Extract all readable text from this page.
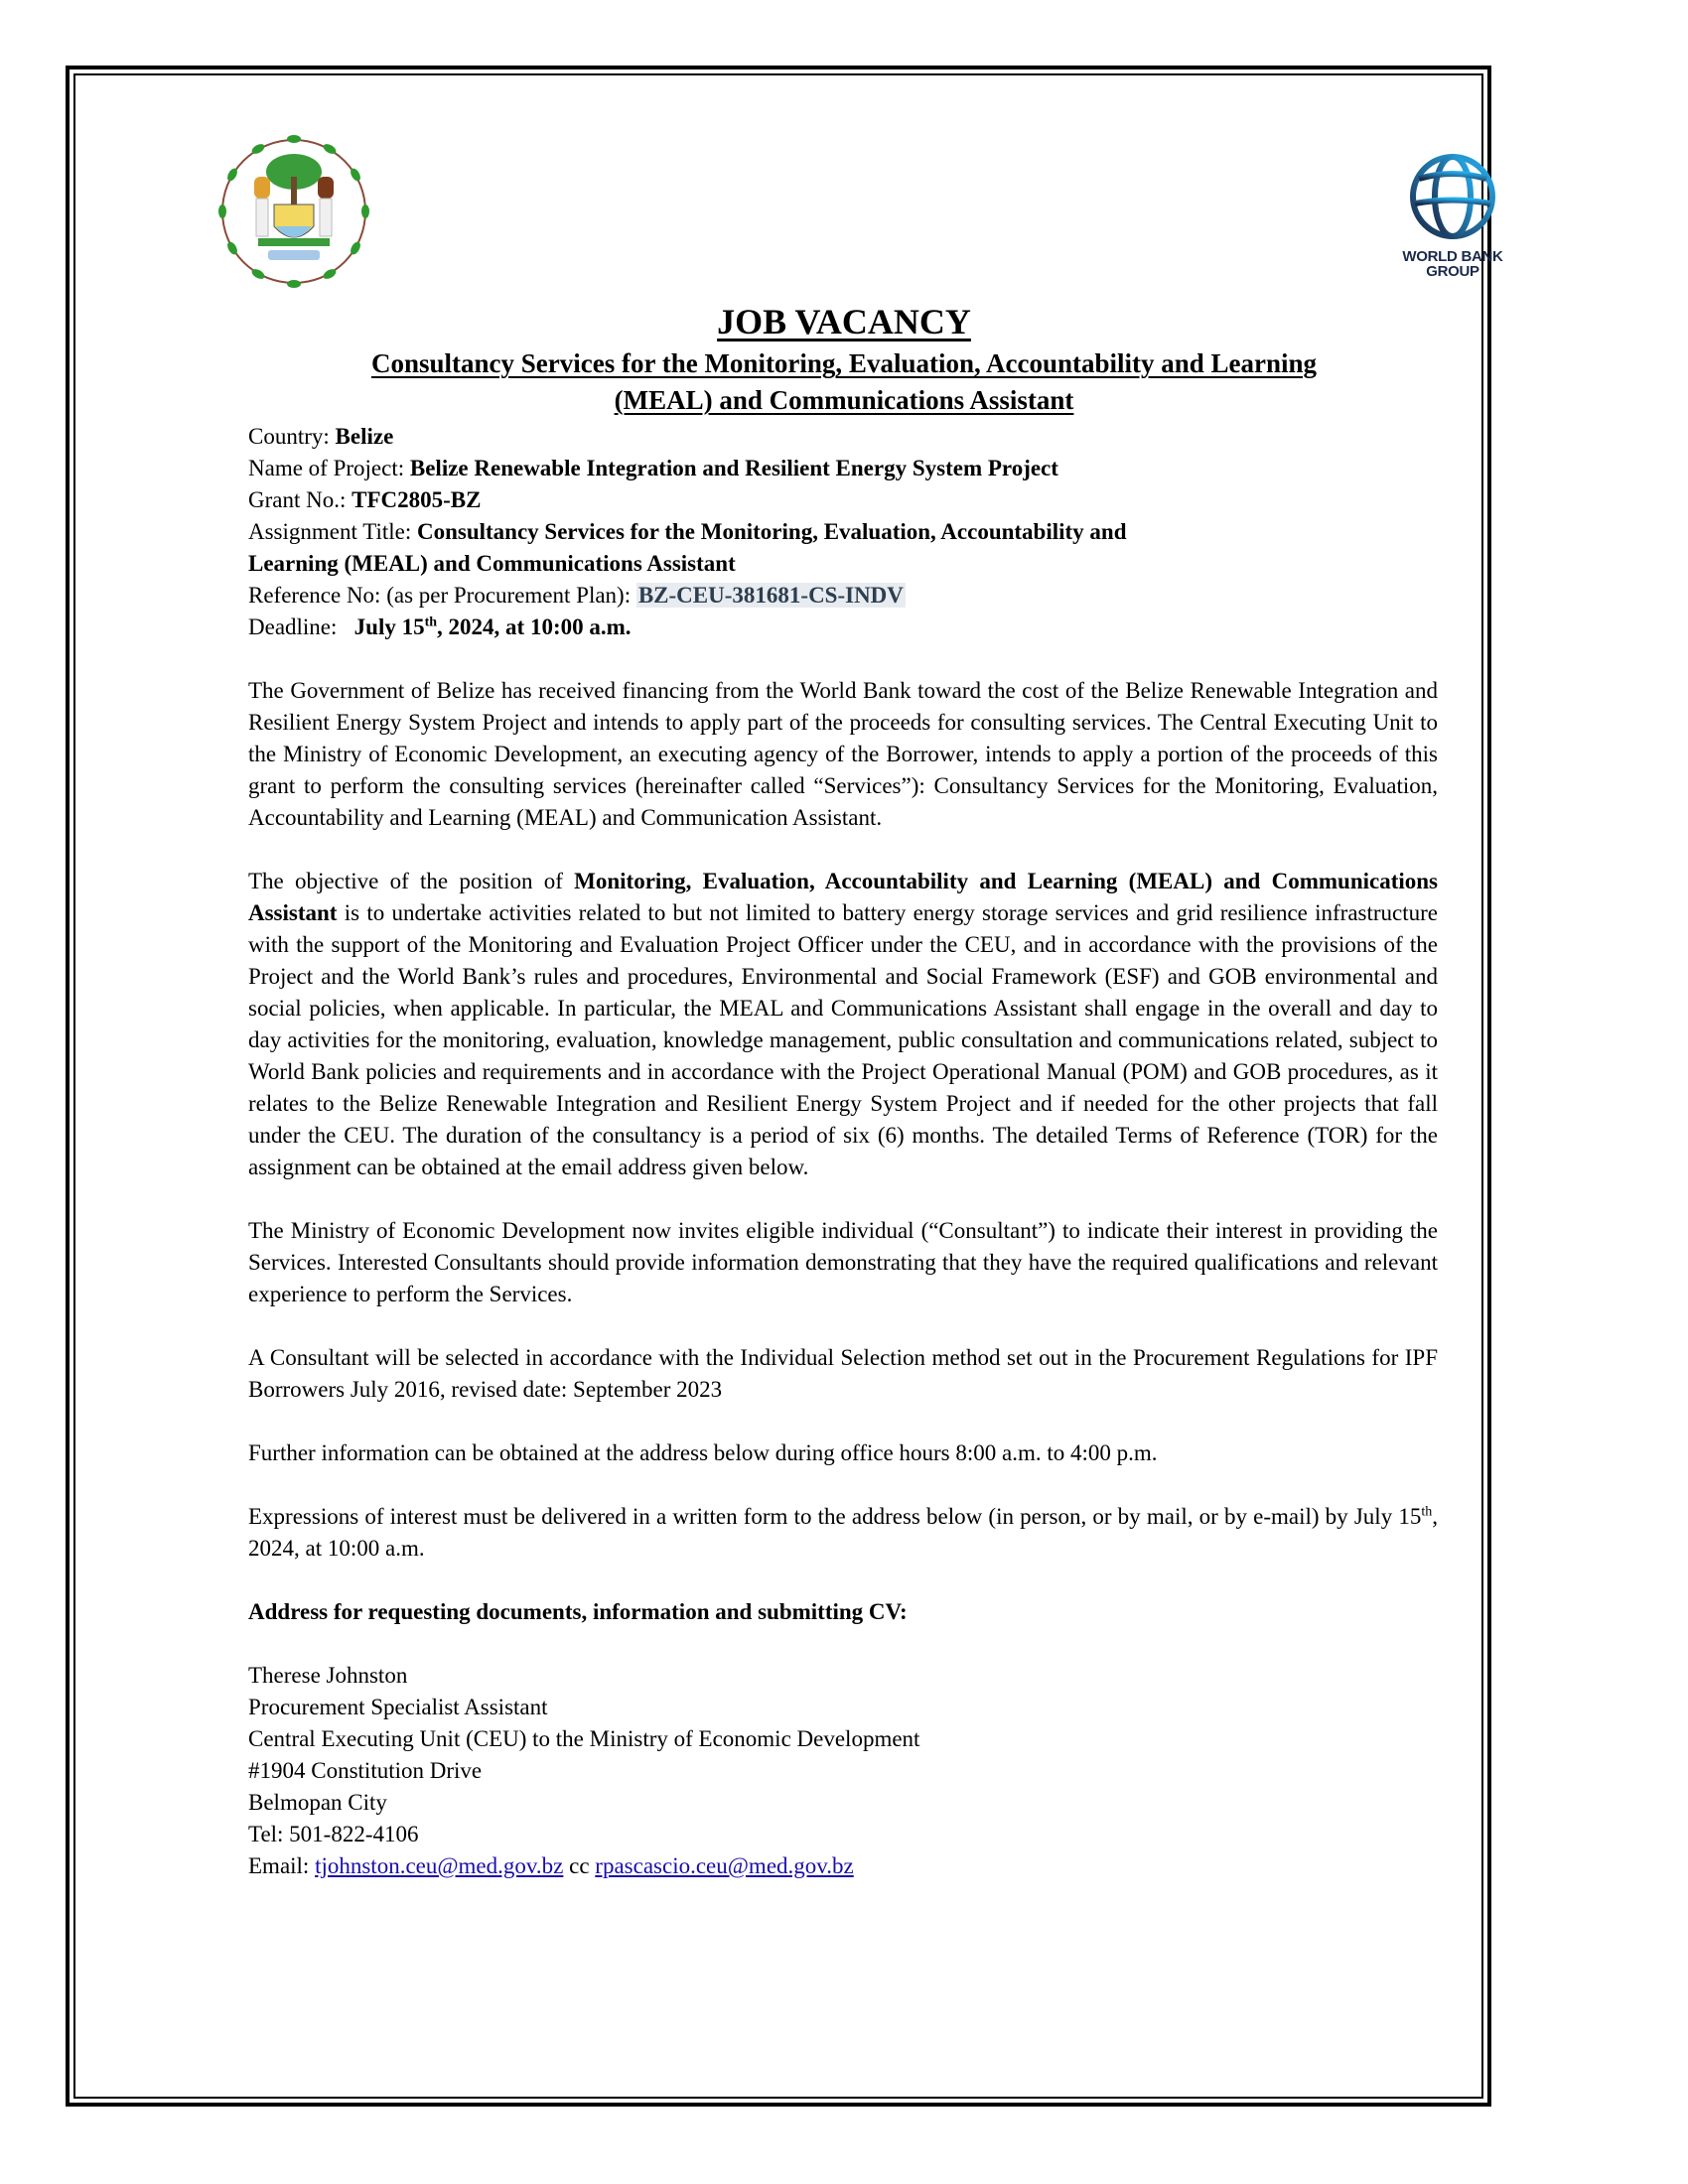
WORLD BANK
GROUP
JOB VACANCY
Consultancy Services for the Monitoring, Evaluation, Accountability and Learning
(MEAL) and Communications Assistant
Country: Belize
Name of Project: Belize Renewable Integration and Resilient Energy System Project
Grant No.: TFC2805-BZ
Assignment Title: Consultancy Services for the Monitoring, Evaluation, Accountability and
Learning (MEAL) and Communications Assistant
Reference No: (as per Procurement Plan): BZ-CEU-381681-CS-INDV
Deadline:   July 15th, 2024, at 10:00 a.m.

The Government of Belize has received financing from the World Bank toward the cost of the Belize Renewable Integration and Resilient Energy System Project and intends to apply part of the proceeds for consulting services. The Central Executing Unit to the Ministry of Economic Development, an executing agency of the Borrower, intends to apply a portion of the proceeds of this grant to perform the consulting services (hereinafter called “Services”): Consultancy Services for the Monitoring, Evaluation, Accountability and Learning (MEAL) and Communication Assistant.

The objective of the position of Monitoring, Evaluation, Accountability and Learning (MEAL) and Communications Assistant is to undertake activities related to but not limited to battery energy storage services and grid resilience infrastructure with the support of the Monitoring and Evaluation Project Officer under the CEU, and in accordance with the provisions of the Project and the World Bank’s rules and procedures, Environmental and Social Framework (ESF) and GOB environmental and social policies, when applicable. In particular, the MEAL and Communications Assistant shall engage in the overall and day to day activities for the monitoring, evaluation, knowledge management, public consultation and communications related, subject to World Bank policies and requirements and in accordance with the Project Operational Manual (POM) and GOB procedures, as it relates to the Belize Renewable Integration and Resilient Energy System Project and if needed for the other projects that fall under the CEU. The duration of the consultancy is a period of six (6) months. The detailed Terms of Reference (TOR) for the assignment can be obtained at the email address given below.

The Ministry of Economic Development now invites eligible individual (“Consultant”) to indicate their interest in providing the Services. Interested Consultants should provide information demonstrating that they have the required qualifications and relevant experience to perform the Services.

A Consultant will be selected in accordance with the Individual Selection method set out in the Procurement Regulations for IPF Borrowers July 2016, revised date: September 2023

Further information can be obtained at the address below during office hours 8:00 a.m. to 4:00 p.m.

Expressions of interest must be delivered in a written form to the address below (in person, or by mail, or by e-mail) by July 15th, 2024, at 10:00 a.m.

Address for requesting documents, information and submitting CV:
Therese Johnston
Procurement Specialist Assistant
Central Executing Unit (CEU) to the Ministry of Economic Development
#1904 Constitution Drive
Belmopan City
Tel: 501-822-4106
Email: tjohnston.ceu@med.gov.bz cc rpascascio.ceu@med.gov.bz
